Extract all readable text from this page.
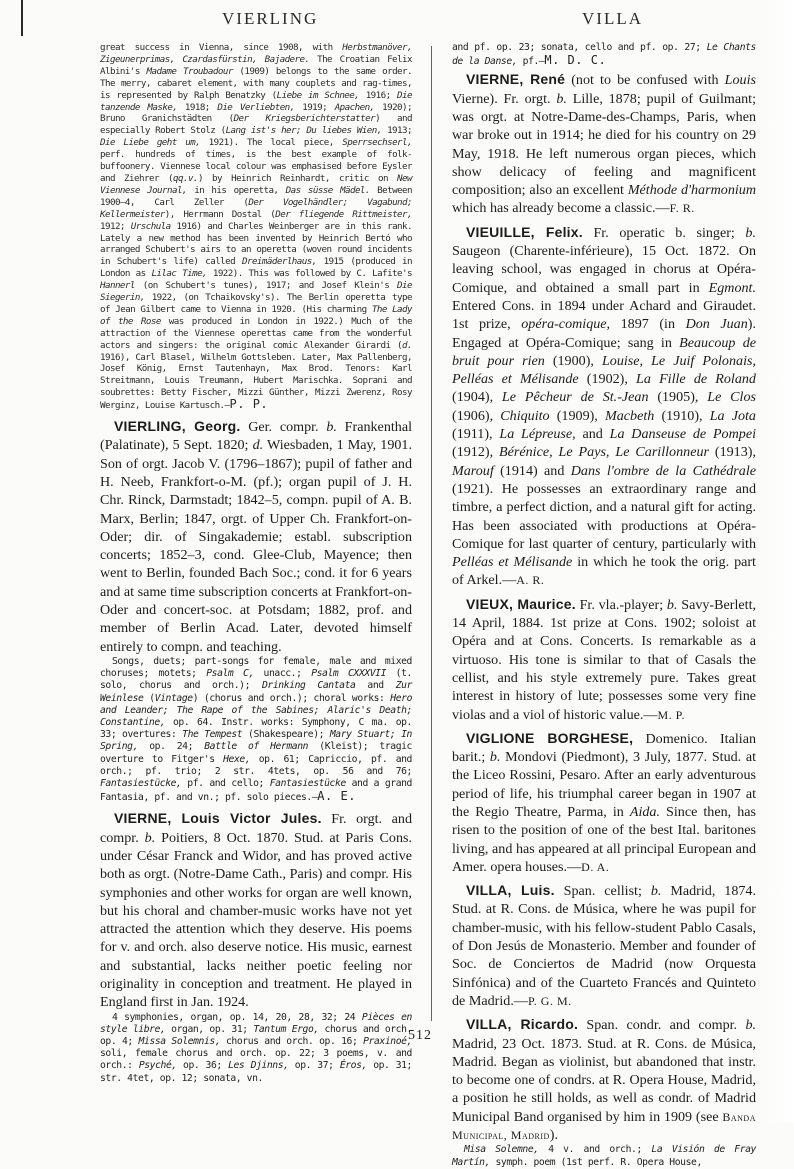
VIERLING	VILLA

great success in Vienna, since 1908, with Herbstmanöver, Zigeunerprimas, Czardasfürstin, Bajadere. The Croatian Felix Albini's Madame Troubadour (1909) belongs to the same order. The merry, cabaret element, with many couplets and rag-times, is represented by Ralph Benatzky (Liebe im Schnee, 1916; Die tanzende Maske, 1918; Die Verliebten, 1919; Apachen, 1920); Bruno Granichstädten (Der Kriegsberichterstatter) and especially Robert Stolz (Lang ist's her; Du liebes Wien, 1913; Die Liebe geht um, 1921). The local piece, Sperrsechserl, perf. hundreds of times, is the best example of folk-buffoonery. Viennese local colour was emphasised before Eysler and Ziehrer (qq.v.) by Heinrich Reinhardt, critic on New Viennese Journal, in his operetta, Das süsse Mädel. Between 1900–4, Carl Zeller (Der Vogelhändler; Vagabund; Kellermeister), Herrmann Dostal (Der fliegende Rittmeister, 1912; Urschula 1916) and Charles Weinberger are in this rank. Lately a new method has been invented by Heinrich Bertó who arranged Schubert's airs to an operetta (woven round incidents in Schubert's life) called Dreimäderlhaus, 1915 (produced in London as Lilac Time, 1922). This was followed by C. Lafite's Hannerl (on Schubert's tunes), 1917; and Josef Klein's Die Siegerin, 1922, (on Tchaikovsky's). The Berlin operetta type of Jean Gilbert came to Vienna in 1920. (His charming The Lady of the Rose was produced in London in 1922.) Much of the attraction of the Viennese operettas came from the wonderful actors and singers: the original comic Alexander Girardi (d. 1916), Carl Blasel, Wilhelm Gottsleben. Later, Max Pallenberg, Josef König, Ernst Tautenhayn, Max Brod. Tenors: Karl Streitmann, Louis Treumann, Hubert Marischka. Soprani and soubrettes: Betty Fischer, Mizzi Günther, Mizzi Zwerenz, Rosy Werginz, Louise Kartusch.—P. P.

VIERLING, Georg. Ger. compr. b. Frankenthal (Palatinate), 5 Sept. 1820; d. Wiesbaden, 1 May, 1901. Son of orgt. Jacob V. (1796–1867); pupil of father and H. Neeb, Frankfort-o-M. (pf.); organ pupil of J. H. Chr. Rinck, Darmstadt; 1842–5, compn. pupil of A. B. Marx, Berlin; 1847, orgt. of Upper Ch. Frankfort-on-Oder; dir. of Singakademie; establ. subscription concerts; 1852–3, cond. Glee-Club, Mayence; then went to Berlin, founded Bach Soc.; cond. it for 6 years and at same time subscription concerts at Frankfort-on-Oder and concert-soc. at Potsdam; 1882, prof. and member of Berlin Acad. Later, devoted himself entirely to compn. and teaching.

Songs, duets; part-songs for female, male and mixed choruses; motets; Psalm C, unacc.; Psalm CXXXVII (t. solo, chorus and orch.); Drinking Cantata and Zur Weinlese (Vintage) (chorus and orch.); choral works: Hero and Leander; The Rape of the Sabines; Alaric's Death; Constantine, op. 64. Instr. works: Symphony, C ma. op. 33; overtures: The Tempest (Shakespeare); Mary Stuart; In Spring, op. 24; Battle of Hermann (Kleist); tragic overture to Fitger's Hexe, op. 61; Capriccio, pf. and orch.; pf. trio; 2 str. 4tets, op. 56 and 76; Fantasiestücke, pf. and cello; Fantasiestücke and a grand Fantasia, pf. and vn.; pf. solo pieces.—A. E.

VIERNE, Louis Victor Jules. Fr. orgt. and compr. b. Poitiers, 8 Oct. 1870. Stud. at Paris Cons. under César Franck and Widor, and has proved active both as orgt. (Notre-Dame Cath., Paris) and compr. His symphonies and other works for organ are well known, but his choral and chamber-music works have not yet attracted the attention which they deserve. His poems for v. and orch. also deserve notice. His music, earnest and substantial, lacks neither poetic feeling nor originality in conception and treatment. He played in England first in Jan. 1924.

4 symphonies, organ, op. 14, 20, 28, 32; 24 Pièces en style libre, organ, op. 31; Tantum Ergo, chorus and orch. op. 4; Missa Solemnis, chorus and orch. op. 16; Praxinoé, soli, female chorus and orch. op. 22; 3 poems, v. and orch.: Psyché, op. 36; Les Djinns, op. 37; Éros, op. 31; str. 4tet, op. 12; sonata, vn.

and pf. op. 23; sonata, cello and pf. op. 27; Le Chants de la Danse, pf.—M. D. C.

VIERNE, René (not to be confused with Louis Vierne). Fr. orgt. b. Lille, 1878; pupil of Guilmant; was orgt. at Notre-Dame-des-Champs, Paris, when war broke out in 1914; he died for his country on 29 May, 1918. He left numerous organ pieces, which show delicacy of feeling and magnificent composition; also an excellent Méthode d'harmonium which has already become a classic.—F. R.

VIEUILLE, Felix. Fr. operatic b. singer; b. Saugeon (Charente-inférieure), 15 Oct. 1872. On leaving school, was engaged in chorus at Opéra-Comique, and obtained a small part in Egmont. Entered Cons. in 1894 under Achard and Giraudet. 1st prize, opéra-comique, 1897 (in Don Juan). Engaged at Opéra-Comique; sang in Beaucoup de bruit pour rien (1900), Louise, Le Juif Polonais, Pelléas et Mélisande (1902), La Fille de Roland (1904), Le Pêcheur de St.-Jean (1905), Le Clos (1906), Chiquito (1909), Macbeth (1910), La Jota (1911), La Lépreuse, and La Danseuse de Pompei (1912), Bérénice, Le Pays, Le Carillonneur (1913), Marouf (1914) and Dans l'ombre de la Cathédrale (1921). He possesses an extraordinary range and timbre, a perfect diction, and a natural gift for acting. Has been associated with productions at Opéra-Comique for last quarter of century, particularly with Pelléas et Mélisande in which he took the orig. part of Arkel.—A. R.

VIEUX, Maurice. Fr. vla.-player; b. Savy-Berlett, 14 April, 1884. 1st prize at Cons. 1902; soloist at Opéra and at Cons. Concerts. Is remarkable as a virtuoso. His tone is similar to that of Casals the cellist, and his style extremely pure. Takes great interest in history of lute; possesses some very fine violas and a viol of historic value.—M. P.

VIGLIONE BORGHESE, Domenico. Italian barit.; b. Mondovi (Piedmont), 3 July, 1877. Stud. at the Liceo Rossini, Pesaro. After an early adventurous period of life, his triumphal career began in 1907 at the Regio Theatre, Parma, in Aida. Since then, has risen to the position of one of the best Ital. baritones living, and has appeared at all principal European and Amer. opera houses.—D. A.

VILLA, Luis. Span. cellist; b. Madrid, 1874. Stud. at R. Cons. de Música, where he was pupil for chamber-music, with his fellow-student Pablo Casals, of Don Jesús de Monasterio. Member and founder of Soc. de Conciertos de Madrid (now Orquesta Sinfónica) and of the Cuarteto Francés and Quinteto de Madrid.—P. G. M.

VILLA, Ricardo. Span. condr. and compr. b. Madrid, 23 Oct. 1873. Stud. at R. Cons. de Música, Madrid. Began as violinist, but abandoned that instr. to become one of condrs. at R. Opera House, Madrid, a position he still holds, as well as condr. of Madrid Municipal Band organised by him in 1909 (see Banda Municipal, Madrid).

Misa Solemne, 4 v. and orch.; La Visión de Fray Martín, symph. poem (1st perf. R. Opera House,

512
